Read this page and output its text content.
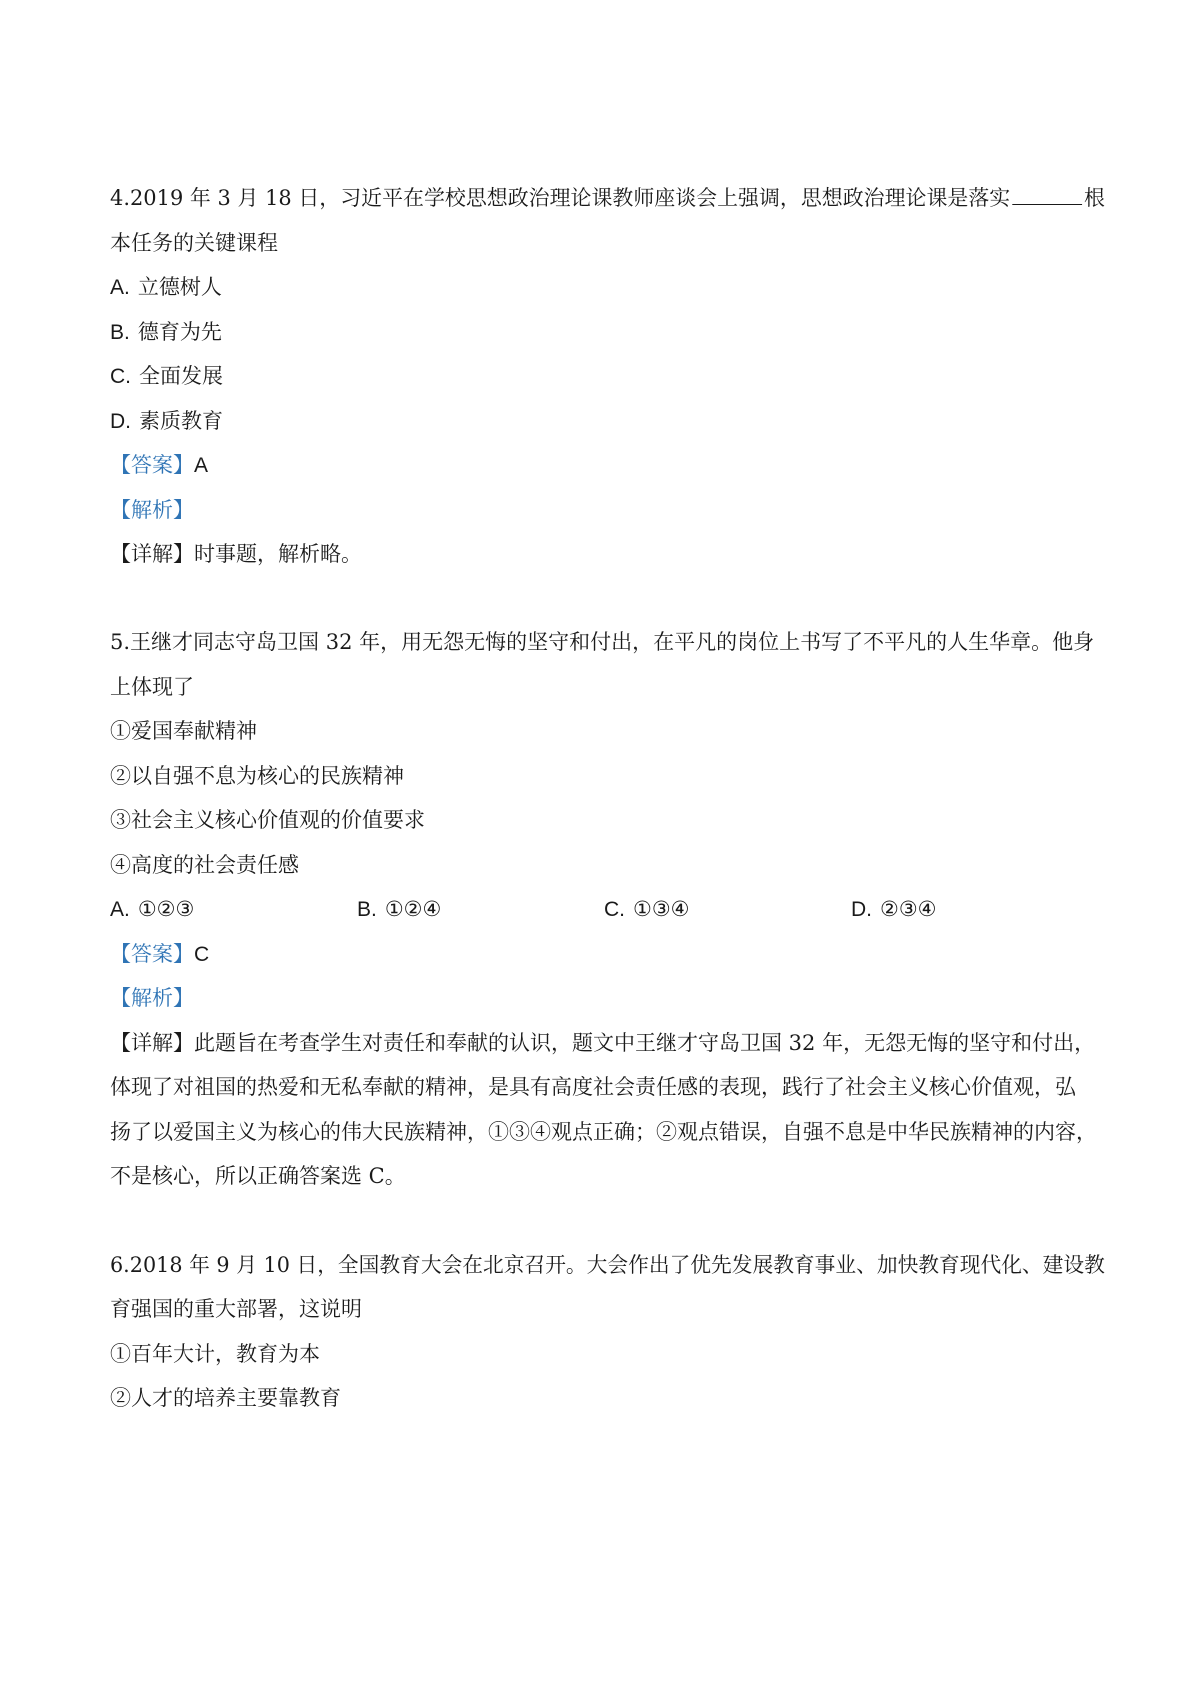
4.2019 年 3 月 18 日，习近平在学校思想政治理论课教师座谈会上强调，思想政治理论课是落实	根
本任务的关键课程
A. 立德树人
B. 德育为先
C. 全面发展
D. 素质教育
【答案】A
【解析】
【详解】时事题，解析略。
5.王继才同志守岛卫国 32 年，用无怨无悔的坚守和付出，在平凡的岗位上书写了不平凡的人生华章。他身
上体现了
①爱国奉献精神
②以自强不息为核心的民族精神
③社会主义核心价值观的价值要求
④高度的社会责任感
A. ①②③	B. ①②④	C. ①③④	D. ②③④
【答案】C
【解析】
【详解】此题旨在考查学生对责任和奉献的认识，题文中王继才守岛卫国 32 年，无怨无悔的坚守和付出，
体现了对祖国的热爱和无私奉献的精神，是具有高度社会责任感的表现，践行了社会主义核心价值观，弘
扬了以爱国主义为核心的伟大民族精神，①③④观点正确；②观点错误，自强不息是中华民族精神的内容，
不是核心，所以正确答案选 C。
6.2018 年 9 月 10 日，全国教育大会在北京召开。大会作出了优先发展教育事业、加快教育现代化、建设教
育强国的重大部署，这说明
①百年大计，教育为本
②人才的培养主要靠教育
